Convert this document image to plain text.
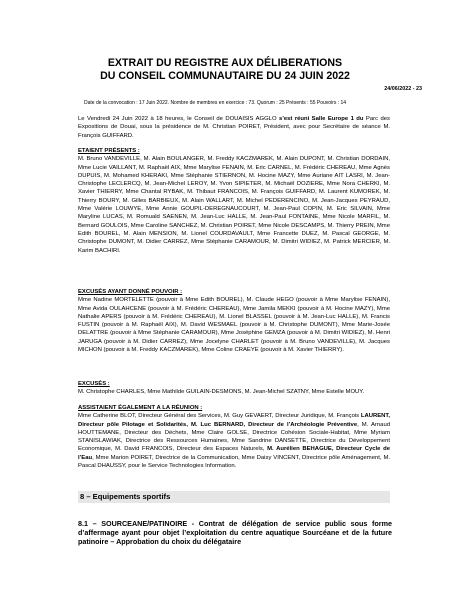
EXTRAIT DU REGISTRE AUX DÉLIBERATIONS
DU CONSEIL COMMUNAUTAIRE DU 24 JUIN 2022
24/06/2022 - 23
Date de la convocation : 17 Juin 2022. Nombre de membres en exercice : 73. Quorum : 25 Présents : 55 Pouvoirs : 14
Le Vendredi 24 Juin 2022 à 18 heures, le Conseil de DOUAISIS AGGLO s’est réuni Salle Europe 1 du Parc des Expositions de Douai, sous la présidence de M. Christian POIRET, Président, avec pour Secrétaire de séance M. François GUIFFARD.
ETAIENT PRÉSENTS :
M. Bruno VANDEVILLE, M. Alain BOULANGER, M. Freddy KACZMAREK, M. Alain DUPONT, M. Christian DORDAIN, Mme Lucie VAILLANT, M. Raphaël AIX, Mme Marylise FENAIN, M. Eric CARNEL, M. Frédéric CHEREAU, Mme Agnès DUPUIS, M. Mohamed KHERAKI, Mme Stéphanie STIERNON, M. Hocine MAZY, Mme Auriane AIT LASRI, M. Jean-Christophe LECLERCQ, M. Jean-Michel LEROY, M. Yvon SIPIETER, M. Michaël DOZIERE, Mme Nora CHERKI, M. Xavier THIERRY, Mme Chantal RYBAK, M. Thibaut FRANCOIS, M. François GUIFFARD, M. Laurent KUMOREK, M. Thierry BOURY, M. Gilles BARBIEUX, M. Alain WALLART, M. Michel PEDERENCINO, M. Jean-Jacques PEYRAUD, Mme Valérie LOUWYE, Mme Annie GOUPIL-DEREGNAUCOURT, M. Jean-Paul COPIN, M. Eric SILVAIN, Mme Maryline LUCAS, M. Romuald SAENEN, M. Jean-Luc HALLE, M. Jean-Paul FONTAINE, Mme Nicole MARFIL, M. Bernard GOULOIS, Mme Caroline SANCHEZ, M. Christian POIRET, Mme Nicole DESCAMPS, M. Thierry PREIN, Mme Edith BOUREL, M. Alain MENSION, M. Lionel COURDAVAULT, Mme Francette DUEZ, M. Pascal GEORGE, M. Christophe DUMONT, M. Didier CARREZ, Mme Stéphanie CARAMOUR, M. Dimitri WIDIEZ, M. Patrick MERCIER, M. Karim BACHIRI.
EXCUSÉS AYANT DONNÉ POUVOIR :
Mme Nadine MORTELETTE (pouvoir à Mme Edith BOUREL), M. Claude HEGO (pouvoir à Mme Marylise FENAIN), Mme Avida OULAHCENE (pouvoir à M. Frédéric CHEREAU), Mme Jamila MEKKI (pouvoir à M. Hocine MAZY), Mme Nathalie APERS (pouvoir à M. Frédéric CHEREAU), M. Lionel BLASSEL (pouvoir à M. Jean-Luc HALLE), M. Francis FUSTIN (pouvoir à M. Raphaël AIX), M. David WESMAEL (pouvoir à M. Christophe DUMONT), Mme Marie-Josée DELATTRE (pouvoir à Mme Stéphanie CARAMOUR), Mme Joséphine GEMZA (pouvoir à M. Dimitri WIDIEZ), M. Henri JARUGA (pouvoir à M. Didier CARREZ), Mme Jocelyne CHARLET (pouvoir à M. Bruno VANDEVILLE), M. Jacques MICHON (pouvoir à M. Freddy KACZMAREK), Mme Coline CRAEYE (pouvoir à M. Xavier THIERRY).
EXCUSÉS :
M. Christophe CHARLES, Mme Mathilde GUILAIN-DESMONS, M. Jean-Michel SZATNY, Mme Estelle MOUY.
ASSISTAIENT ÉGALEMENT A LA RÉUNION :
Mme Catherine BLOT, Directeur Général des Services, M. Guy GEVAERT, Directeur Juridique, M. François LAURENT, Directeur pôle Pilotage et Solidarités, M. Luc BERNARD, Directeur de l’Archéologie Préventive, M. Arnaud HOUTTEMANE, Directeur des Déchets, Mme Claire GOLSE, Directrice Cohésion Sociale-Habitat, Mme Myriam STANISLAWIAK, Directrice des Ressources Humaines, Mme Sandrine DANSETTE, Directrice du Développement Economique, M. David FRANCOIS, Directeur des Espaces Naturels, M. Aurélien BEHAGUE, Directeur Cycle de l’Eau, Mme Marion POIRET, Directrice de la Communication, Mme Daisy VINCENT, Directrice pôle Aménagement, M. Pascal DHAUSSY, pour le Service Technologies Information.
8 – Equipements sportifs
8.1 – SOURCEANE/PATINOIRE - Contrat de délégation de service public sous forme d’affermage ayant pour objet l’exploitation du centre aquatique Sourcéane et de la future patinoire – Approbation du choix du délégataire
